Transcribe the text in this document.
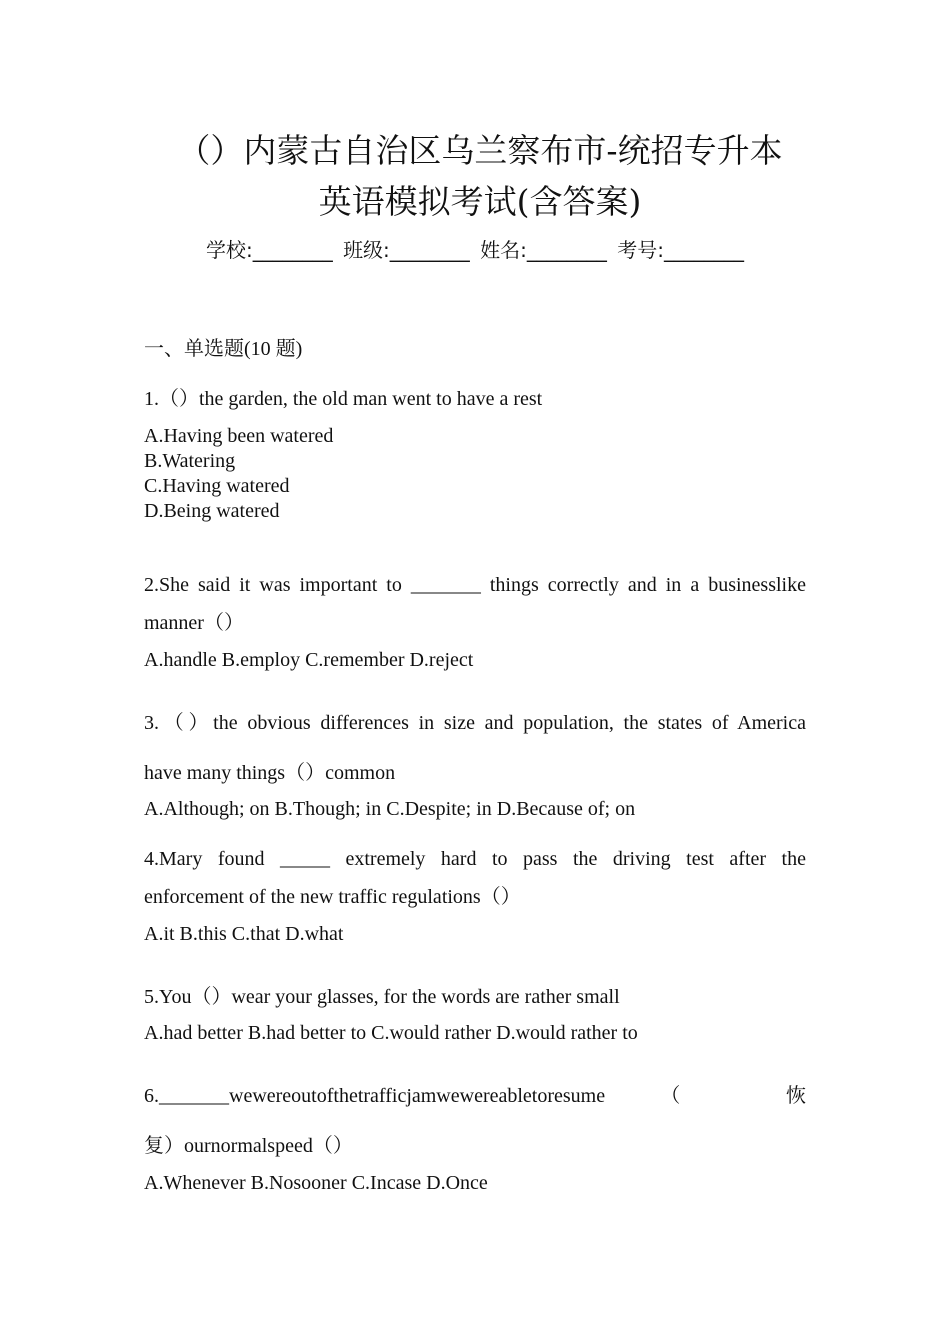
（）内蒙古自治区乌兰察布市-统招专升本
英语模拟考试(含答案)
学校:________ 班级:________ 姓名:________ 考号:________
一、单选题(10 题)
1.（）the garden, the old man went to have a rest
A.Having been watered
B.Watering
C.Having watered
D.Being watered
2.She said it was important to _______ things correctly and in a businesslike
manner（）
A.handle B.employ C.remember D.reject
3.（）the obvious differences in size and population, the states of America
have many things（）common
A.Although; on B.Though; in C.Despite; in D.Because of; on
4.Mary found _____ extremely hard to pass the driving test after the
enforcement of the new traffic regulations（）
A.it B.this C.that D.what
5.You（）wear your glasses, for the words are rather small
A.had better B.had better to C.would rather D.would rather to
6._______wewereoutofthetrafficjamwewereabletoresume （ 恢
复）ournormalspeed（）
A.Whenever B.Nosooner C.Incase D.Once
